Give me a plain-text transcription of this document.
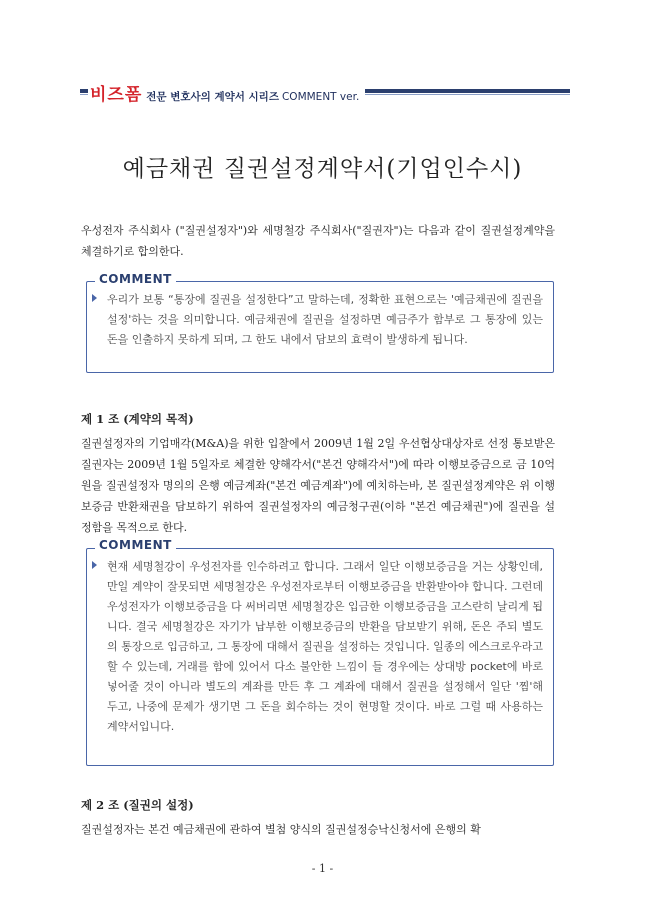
비즈폼 전문 변호사의 계약서 시리즈 COMMENT ver.
예금채권 질권설정계약서(기업인수시)
우성전자 주식회사 ("질권설정자")와 세명철강 주식회사("질권자")는 다음과 같이 질권설정계약을 체결하기로 합의한다.
우리가 보통 “통장에 질권을 설정한다”고 말하는데, 정확한 표현으로는 '예금채권에 질권을 설정'하는 것을 의미합니다. 예금채권에 질권을 설정하면 예금주가 함부로 그 통장에 있는 돈을 인출하지 못하게 되며, 그 한도 내에서 담보의 효력이 발생하게 됩니다.
COMMENT
제 1 조 (계약의 목적)
질권설정자의 기업매각(M&A)을 위한 입찰에서 2009년 1월 2일 우선협상대상자로 선정 통보받은 질권자는 2009년 1월 5일자로 체결한 양해각서("본건 양해각서")에 따라 이행보증금으로 금 10억원을 질권설정자 명의의 은행 예금계좌("본건 예금계좌")에 예치하는바, 본 질권설정계약은 위 이행보증금 반환채권을 담보하기 위하여 질권설정자의 예금청구권(이하 "본건 예금채권")에 질권을 설정함을 목적으로 한다.
현재 세명철강이 우성전자를 인수하려고 합니다. 그래서 일단 이행보증금을 거는 상황인데, 만일 계약이 잘못되면 세명철강은 우성전자로부터 이행보증금을 반환받아야 합니다. 그런데 우성전자가 이행보증금을 다 써버리면 세명철강은 입금한 이행보증금을 고스란히 날리게 됩니다. 결국 세명철강은 자기가 납부한 이행보증금의 반환을 담보받기 위해, 돈은 주되 별도의 통장으로 입금하고, 그 통장에 대해서 질권을 설정하는 것입니다. 일종의 에스크로우라고 할 수 있는데, 거래를 함에 있어서 다소 불안한 느낌이 들 경우에는 상대방 pocket에 바로 넣어줄 것이 아니라 별도의 계좌를 만든 후 그 계좌에 대해서 질권을 설정해서 일단 '찜'해 두고, 나중에 문제가 생기면 그 돈을 회수하는 것이 현명할 것이다. 바로 그럴 때 사용하는 계약서입니다.
COMMENT
제 2 조 (질권의 설정)
질권설정자는 본건 예금채권에 관하여 별첨 양식의 질권설정승낙신청서에 은행의 확
- 1 -
